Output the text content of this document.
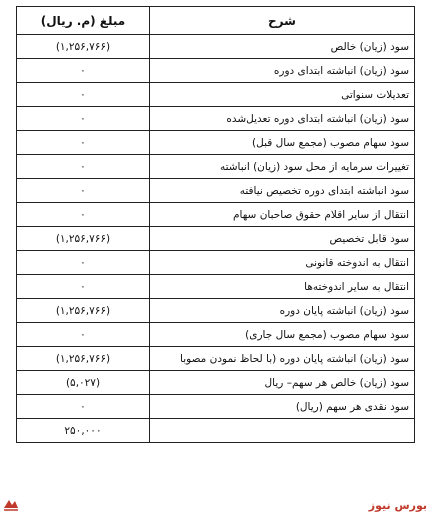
شرح	مبلغ (م. ریال)
سود (زیان) خالص	(۱,۲۵۶,۷۶۶)
سود (زیان) انباشته ابتدای دوره	۰
تعدیلات سنواتی	۰
سود (زیان) انباشته ابتدای دوره تعدیل‌شده	۰
سود سهام مصوب (مجمع سال قبل)	۰
تغییرات سرمایه از محل سود (زیان) انباشته	۰
سود انباشته ابتدای دوره تخصیص نیافته	۰
انتقال از سایر اقلام حقوق صاحبان سهام	۰
سود قابل تخصیص	(۱,۲۵۶,۷۶۶)
انتقال به اندوخته قانونی	۰
انتقال به سایر اندوخته‌ها	۰
سود (زیان) انباشته پایان دوره	(۱,۲۵۶,۷۶۶)
سود سهام مصوب (مجمع سال جاری)	۰
سود (زیان) انباشته پایان دوره (با لحاظ نمودن مصوبا	(۱,۲۵۶,۷۶۶)
سود (زیان) خالص هر سهم– ریال	(۵,۰۲۷)
سود نقدی هر سهم (ریال)	۰
	۲۵۰,۰۰۰
بورس نیوز
